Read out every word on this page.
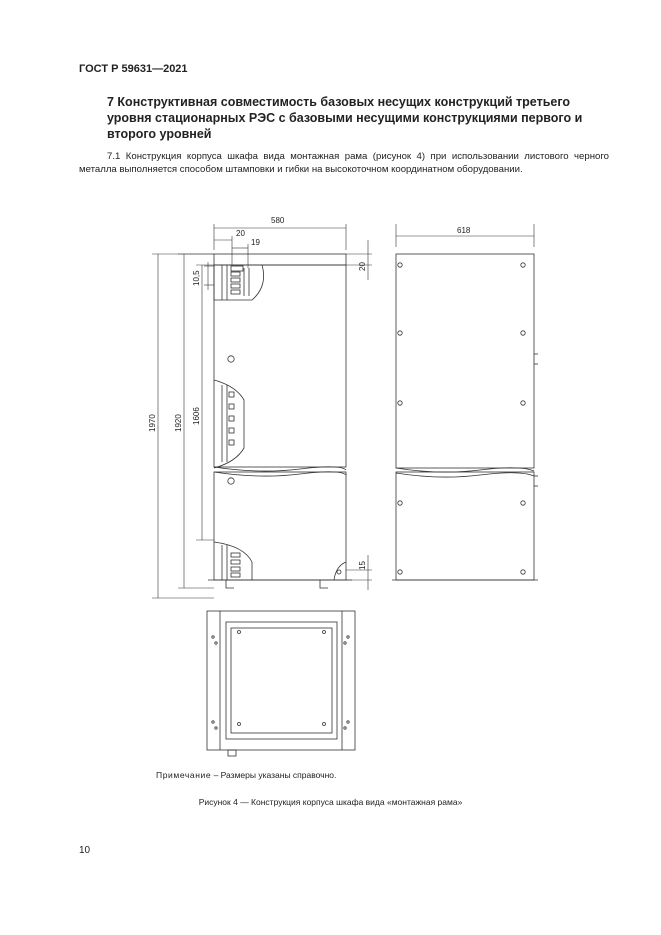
ГОСТ Р 59631—2021
7 Конструктивная совместимость базовых несущих конструкций третьего уровня стационарных РЭС с базовыми несущими конструкциями первого и второго уровней

7.1 Конструкция корпуса шкафа вида монтажная рама (рисунок 4) при использовании листового черного металла выполняется способом штамповки и гибки на высокоточном координатном оборудовании.

580
20
19
618
1970 1920 1606
10,5
20
15
Примечание – Размеры указаны справочно.
Рисунок 4 — Конструкция корпуса шкафа вида «монтажная рама»
10
